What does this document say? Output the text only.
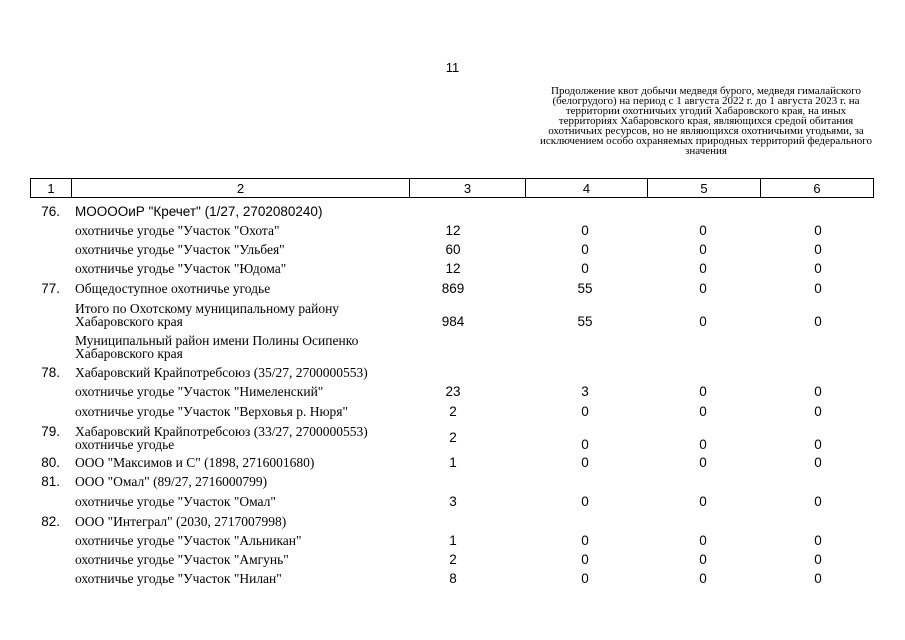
11
Продолжение квот добычи медведя бурого, медведя гималайского (белогрудого) на период с 1 августа 2022 г. до 1 августа 2023 г. на территории охотничьих угодий Хабаровского края, на иных территориях Хабаровского края, являющихся средой обитания охотничьих ресурсов, но не являющихся охотничьими угодьями, за исключением особо охраняемых природных территорий федерального значения
1	2	3	4	5	6
76. МООООиР "Кречет" (1/27, 2702080240)
охотничье угодье "Участок "Охота"	12	0	0	0
охотничье угодье "Участок "Ульбея"	60	0	0	0
охотничье угодье "Участок "Юдома"	12	0	0	0
77. Общедоступное охотничье угодье	869	55	0	0
Итого по Охотскому муниципальному району Хабаровского края	984	55	0	0
Муниципальный район имени Полины Осипенко Хабаровского края
78. Хабаровский Крайпотребсоюз (35/27, 2700000553)
охотничье угодье "Участок "Нимеленский"	23	3	0	0
охотничье угодье "Участок "Верховья р. Нюря"	2	0	0	0
79. Хабаровский Крайпотребсоюз (33/27, 2700000553) охотничье угодье	2	0	0	0
80. ООО "Максимов и С" (1898, 2716001680)	1	0	0	0
81. ООО "Омал" (89/27, 2716000799)
охотничье угодье "Участок "Омал"	3	0	0	0
82. ООО "Интеграл" (2030, 2717007998)
охотничье угодье "Участок "Альникан"	1	0	0	0
охотничье угодье "Участок "Амгунь"	2	0	0	0
охотничье угодье "Участок "Нилан"	8	0	0	0
